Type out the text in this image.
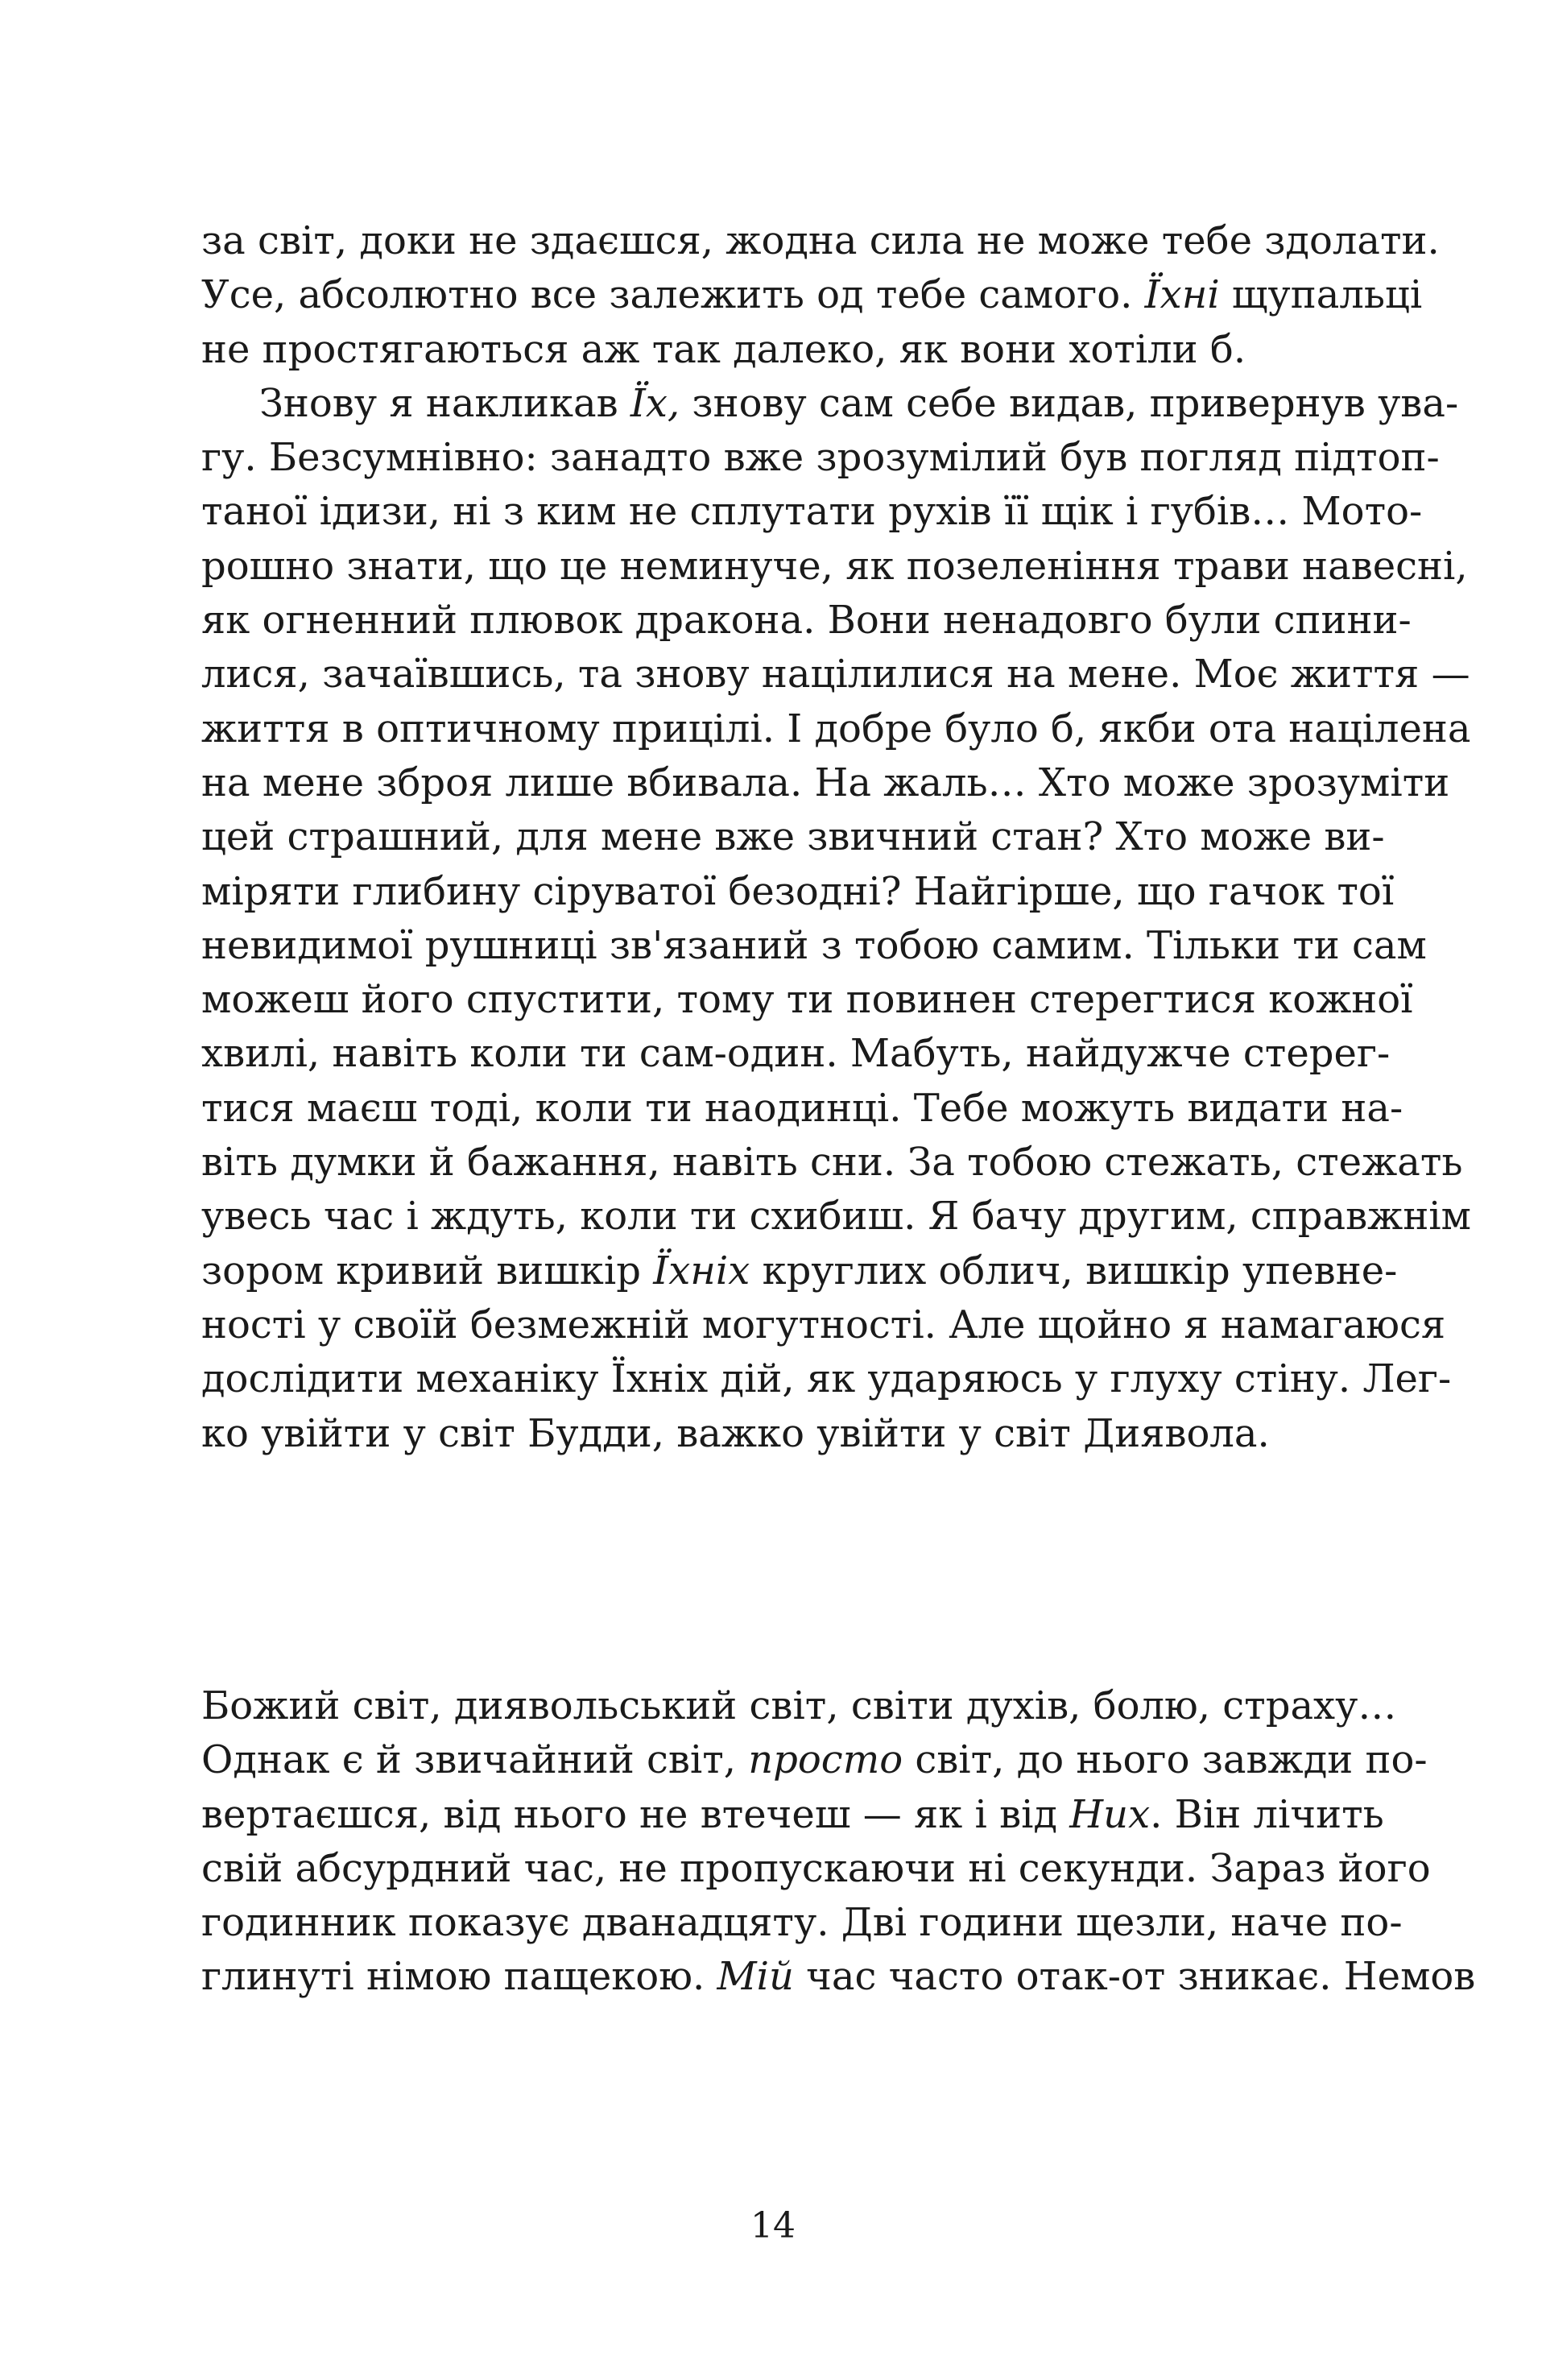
за світ, доки не здаєшся, жодна сила не може тебе здолати.
Усе, абсолютно все залежить од тебе самого. Їхні щупальці
не простягаються аж так далеко, як вони хотіли б.
Знову я накликав Їх, знову сам себе видав, привернув ува-
гу. Безсумнівно: занадто вже зрозумілий був погляд підтоп-
таної ідизи, ні з ким не сплутати рухів її щік і губів… Мото-
рошно знати, що це неминуче, як позеленіння трави навесні,
як огненний плювок дракона. Вони ненадовго були спини-
лися, зачаївшись, та знову націлилися на мене. Моє життя —
життя в оптичному прицілі. І добре було б, якби ота націлена
на мене зброя лише вбивала. На жаль… Хто може зрозуміти
цей страшний, для мене вже звичний стан? Хто може ви-
міряти глибину сіруватої безодні? Найгірше, що гачок тої
невидимої рушниці зв'язаний з тобою самим. Тільки ти сам
можеш його спустити, тому ти повинен стерегтися кожної
хвилі, навіть коли ти сам-один. Мабуть, найдужче стерег-
тися маєш тоді, коли ти наодинці. Тебе можуть видати на-
віть думки й бажання, навіть сни. За тобою стежать, стежать
увесь час і ждуть, коли ти схибиш. Я бачу другим, справжнім
зором кривий вишкір Їхніх круглих облич, вишкір упевне-
ності у своїй безмежній могутності. Але щойно я намагаюся
дослідити механіку Їхніх дій, як ударяюсь у глуху стіну. Лег-
ко увійти у світ Будди, важко увійти у світ Диявола.
Божий світ, диявольський світ, світи духів, болю, страху…
Однак є й звичайний світ, просто світ, до нього завжди по-
вертаєшся, від нього не втечеш — як і від Них. Він лічить
свій абсурдний час, не пропускаючи ні секунди. Зараз його
годинник показує дванадцяту. Дві години щезли, наче по-
глинуті німою пащекою. Мій час часто отак-от зникає. Немов
14
